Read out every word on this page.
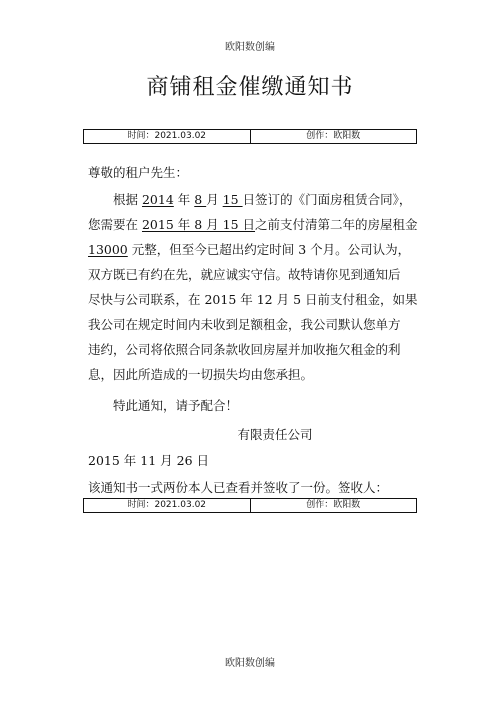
欧阳数创编
商铺租金催缴通知书
时间：2021.03.02	创作：欧阳数
尊敬的租户先生：
根据 2014 年 8 月 15 日签订的《门面房租赁合同》，
您需要在 2015 年 8 月 15 日之前支付清第二年的房屋租金
13000 元整，但至今已超出约定时间 3 个月。公司认为，
双方既已有约在先，就应诚实守信。故特请你见到通知后
尽快与公司联系，在 2015 年 12 月 5 日前支付租金，如果
我公司在规定时间内未收到足额租金，我公司默认您单方
违约，公司将依照合同条款收回房屋并加收拖欠租金的利
息，因此所造成的一切损失均由您承担。
特此通知，请予配合！
有限责任公司
2015 年 11 月 26 日
该通知书一式两份本人已查看并签收了一份。签收人：
时间：2021.03.02	创作：欧阳数
欧阳数创编
